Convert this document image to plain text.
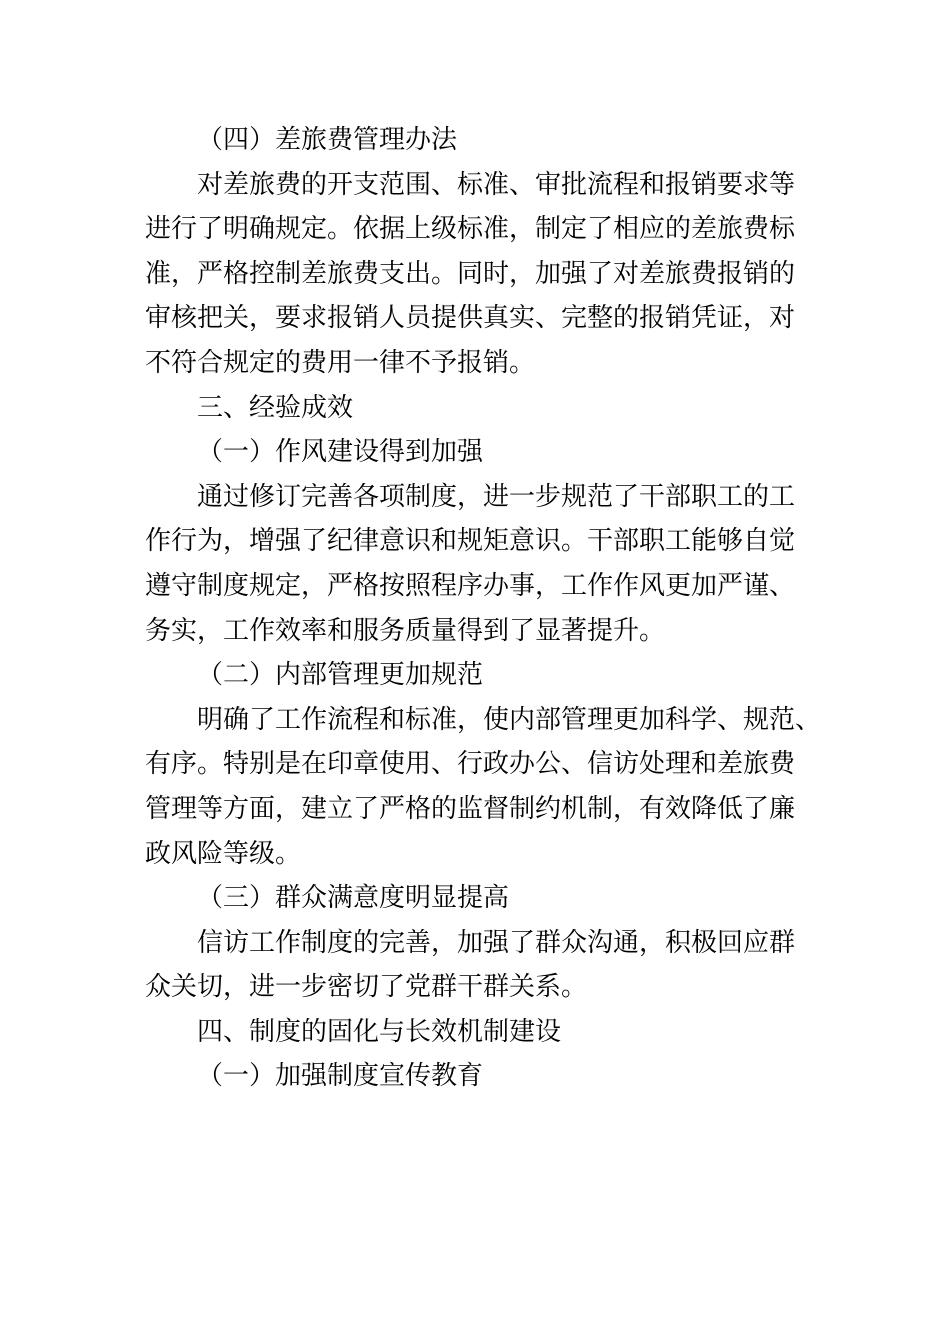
（四）差旅费管理办法
对差旅费的开支范围、标准、审批流程和报销要求等
进行了明确规定。依据上级标准，制定了相应的差旅费标
准，严格控制差旅费支出。同时，加强了对差旅费报销的
审核把关，要求报销人员提供真实、完整的报销凭证，对
不符合规定的费用一律不予报销。
三、经验成效
（一）作风建设得到加强
通过修订完善各项制度，进一步规范了干部职工的工
作行为，增强了纪律意识和规矩意识。干部职工能够自觉
遵守制度规定，严格按照程序办事，工作作风更加严谨、
务实，工作效率和服务质量得到了显著提升。
（二）内部管理更加规范
明确了工作流程和标准，使内部管理更加科学、规范、
有序。特别是在印章使用、行政办公、信访处理和差旅费
管理等方面，建立了严格的监督制约机制，有效降低了廉
政风险等级。
（三）群众满意度明显提高
信访工作制度的完善，加强了群众沟通，积极回应群
众关切，进一步密切了党群干群关系。
四、制度的固化与长效机制建设
（一）加强制度宣传教育
